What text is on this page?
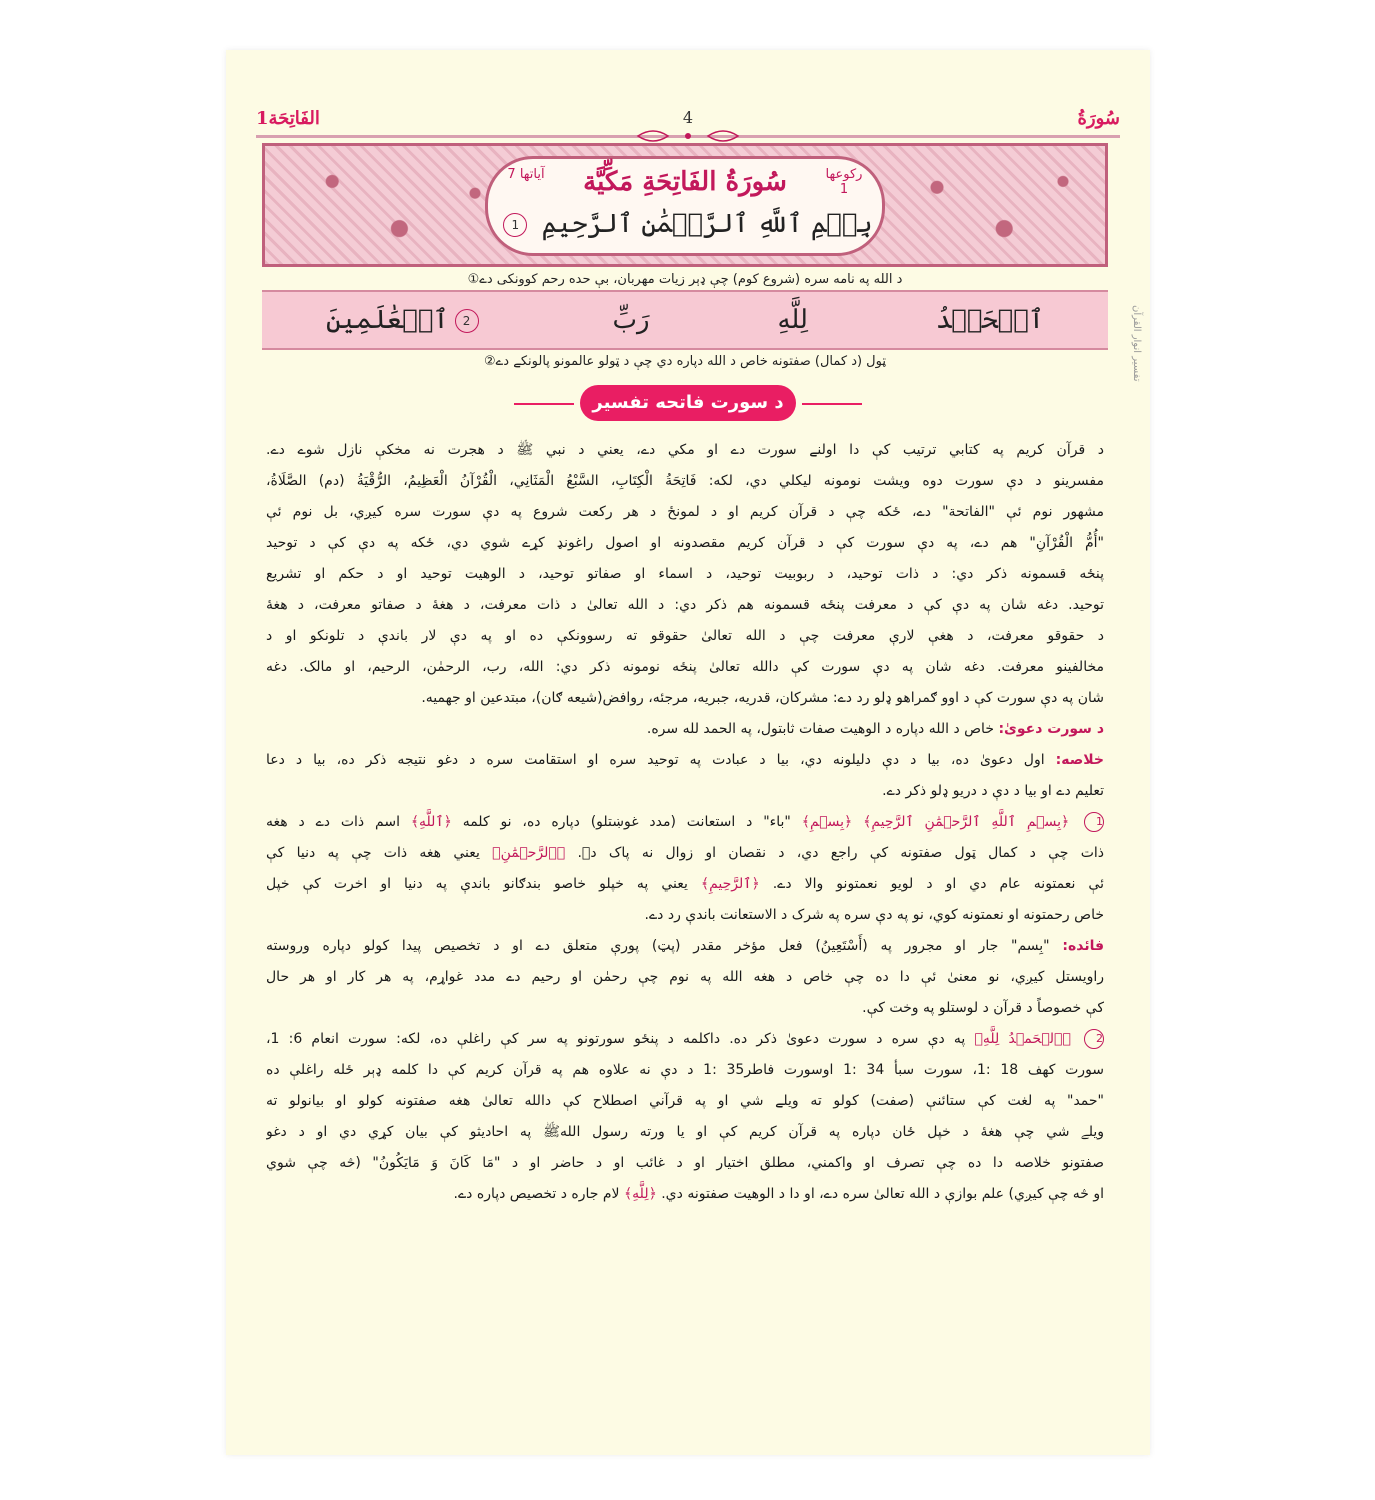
سُورَةُ
4
الفَاتِحَة1
آياتها 7	سُورَةُ الفَاتِحَةِ مَكِّيَّة	رکوعها 1
بِسۡمِ ٱللَّهِ ٱلرَّحۡمَٰنِ ٱلرَّحِيمِ 1
د الله په نامه سره (شروع کوم) چې ډېر زيات مهربان، بې حده رحم کوونکی دے①
ٱلۡحَمۡدُ
لِلَّهِ
رَبِّ
ٱلۡعَٰلَمِينَ 2
ټول (د کمال) صفتونه خاص د الله دپاره دي چې د ټولو عالمونو پالونکے دے②
د سورت فاتحه تفسير
د قرآن کريم په کتابي ترتيب کې دا اولنے سورت دے او مکي دے، يعني د نبي ﷺ د هجرت نه مخکې نازل شوے دے.
مفسرينو د دې سورت دوه ويشت نومونه ليکلي دي، لکه: فَاتِحَةُ الْكِتَابِ، السَّبْعُ الْمَثَانِي، الْقُرْآنُ الْعَظِيمُ، الرُّقْيَةُ (دم) الصَّلَاةُ،
مشهور نوم ئې "الفاتحة" دے، ځکه چې د قرآن کريم او د لمونځ د هر رکعت شروع په دې سورت سره کيږي، بل نوم ئې
"أُمُّ الْقُرْآنِ" هم دے، په دې سورت کې د قرآن کريم مقصدونه او اصول راغونډ کړے شوي دي، ځکه په دې کې د توحيد
پنځه قسمونه ذکر دي: د ذات توحيد، د ربوبيت توحيد، د اسماء او صفاتو توحيد، د الوهيت توحيد او د حکم او تشريع
توحيد. دغه شان په دې کې د معرفت پنځه قسمونه هم ذکر دي: د الله تعالیٰ د ذات معرفت، د هغهٔ د صفاتو معرفت، د هغهٔ
د حقوقو معرفت، د هغې لارې معرفت چې د الله تعالیٰ حقوقو ته رسوونکې ده او په دې لار باندې د تلونکو او د
مخالفينو معرفت. دغه شان په دې سورت کې دالله تعالیٰ پنځه نومونه ذکر دي: الله، رب، الرحمٰن، الرحيم، او مالک. دغه
شان په دې سورت کې د اوو ګمراهو ډلو رد دے: مشرکان، قدريه، جبريه، مرجئه، روافض(شيعه ګان)، مبتدعين او جهميه.
د سورت دعوىٰ: خاص د الله دپاره د الوهيت صفات ثابتول، په الحمد لله سره.
خلاصه: اول دعوىٰ ده، بيا د دې دليلونه دي، بيا د عبادت په توحيد سره او استقامت سره د دغو نتيجه ذکر ده، بيا د دعا
تعليم دے او بيا د دې د دريو ډلو ذکر دے.
1 ﴿بِسۡمِ ٱللَّهِ ٱلرَّحۡمَٰنِ ٱلرَّحِيمِ﴾ ﴿بِسۡمِ﴾ "باء" د استعانت (مدد غوښتلو) دپاره ده، نو کلمه ﴿ٱللَّهِ﴾ اسم ذات دے د هغه
ذات چې د کمال ټول صفتونه کې راجع دي، د نقصان او زوال نه پاک دے. ﴿ٱلرَّحۡمَٰنِ﴾ يعني هغه ذات چې په دنيا کې
ئې نعمتونه عام دي او د لويو نعمتونو والا دے. ﴿ٱلرَّحِيمِ﴾ يعني په خپلو خاصو بندګانو باندې په دنيا او اخرت کې خپل
خاص رحمتونه او نعمتونه کوي، نو په دې سره په شرک د الاستعانت باندې رد دے.
فائده: "بِسم" جار او مجرور په (أَسْتَعِينُ) فعل مؤخر مقدر (پټ) پورې متعلق دے او د تخصيص پيدا کولو دپاره وروسته
راويستل کيږي، نو معنیٰ ئې دا ده چې خاص د هغه الله په نوم چې رحمٰن او رحيم دے مدد غواړم، په هر کار او هر حال
کې خصوصاً د قرآن د لوستلو په وخت کې.
2 ﴿ٱلۡحَمۡدُ لِلَّهِ﴾ په دې سره د سورت دعوىٰ ذکر ده. داکلمه د پنځو سورتونو په سر کې راغلې ده، لکه: سورت انعام 6: 1،
سورت کهف 18 :1، سورت سبأ 34 :1 اوسورت فاطر35 :1 د دې نه علاوه هم په قرآن کريم کې دا کلمه ډېر ځله راغلې ده
"حمد" په لغت کې ستائنې (صفت) کولو ته ويلے شي او په قرآني اصطلاح کې دالله تعالیٰ هغه صفتونه کولو او بيانولو ته
ويلے شي چې هغهٔ د خپل ځان دپاره په قرآن کريم کې او يا ورته رسول اللهﷺ په احاديثو کې بيان کړي دي او د دغو
صفتونو خلاصه دا ده چې تصرف او واکمني، مطلق اختيار او د غائب او د حاضر او د "مَا كَانَ وَ مَايَكُونُ" (څه چې شوي
او څه چې کيږي) علم بوازې د الله تعالیٰ سره دے، او دا د الوهيت صفتونه دي. ﴿لِلَّهِ﴾ لام جاره د تخصيص دپاره دے.
تفسير انوار القرآن
